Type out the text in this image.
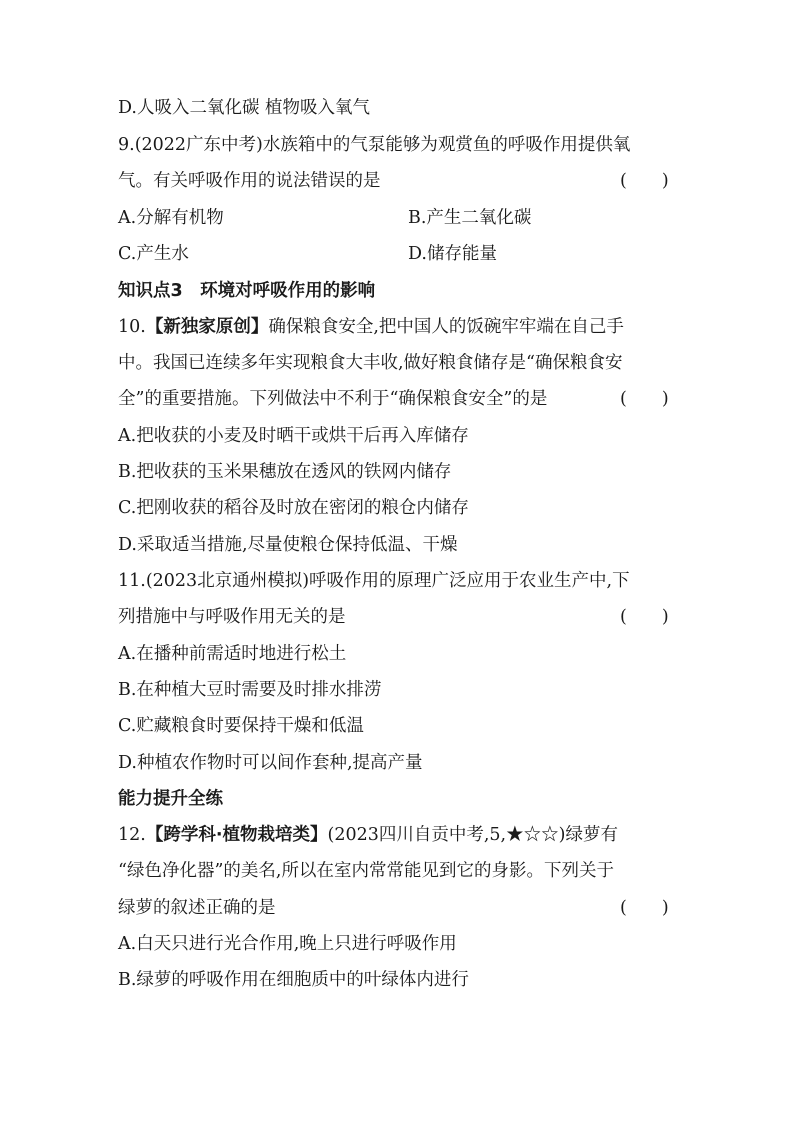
D.人吸入二氧化碳 植物吸入氧气
9.(2022广东中考)水族箱中的气泵能够为观赏鱼的呼吸作用提供氧
气。有关呼吸作用的说法错误的是	(　　)
A.分解有机物	B.产生二氧化碳
C.产生水	D.储存能量
知识点3　环境对呼吸作用的影响
10.【新独家原创】确保粮食安全,把中国人的饭碗牢牢端在自己手
中。我国已连续多年实现粮食大丰收,做好粮食储存是“确保粮食安
全”的重要措施。下列做法中不利于“确保粮食安全”的是	(　　)
A.把收获的小麦及时晒干或烘干后再入库储存
B.把收获的玉米果穗放在透风的铁网内储存
C.把刚收获的稻谷及时放在密闭的粮仓内储存
D.采取适当措施,尽量使粮仓保持低温、干燥
11.(2023北京通州模拟)呼吸作用的原理广泛应用于农业生产中,下
列措施中与呼吸作用无关的是	(　　)
A.在播种前需适时地进行松土
B.在种植大豆时需要及时排水排涝
C.贮藏粮食时要保持干燥和低温
D.种植农作物时可以间作套种,提高产量
能力提升全练
12.【跨学科·植物栽培类】(2023四川自贡中考,5,★☆☆)绿萝有
“绿色净化器”的美名,所以在室内常常能见到它的身影。下列关于
绿萝的叙述正确的是	(　　)
A.白天只进行光合作用,晚上只进行呼吸作用
B.绿萝的呼吸作用在细胞质中的叶绿体内进行
